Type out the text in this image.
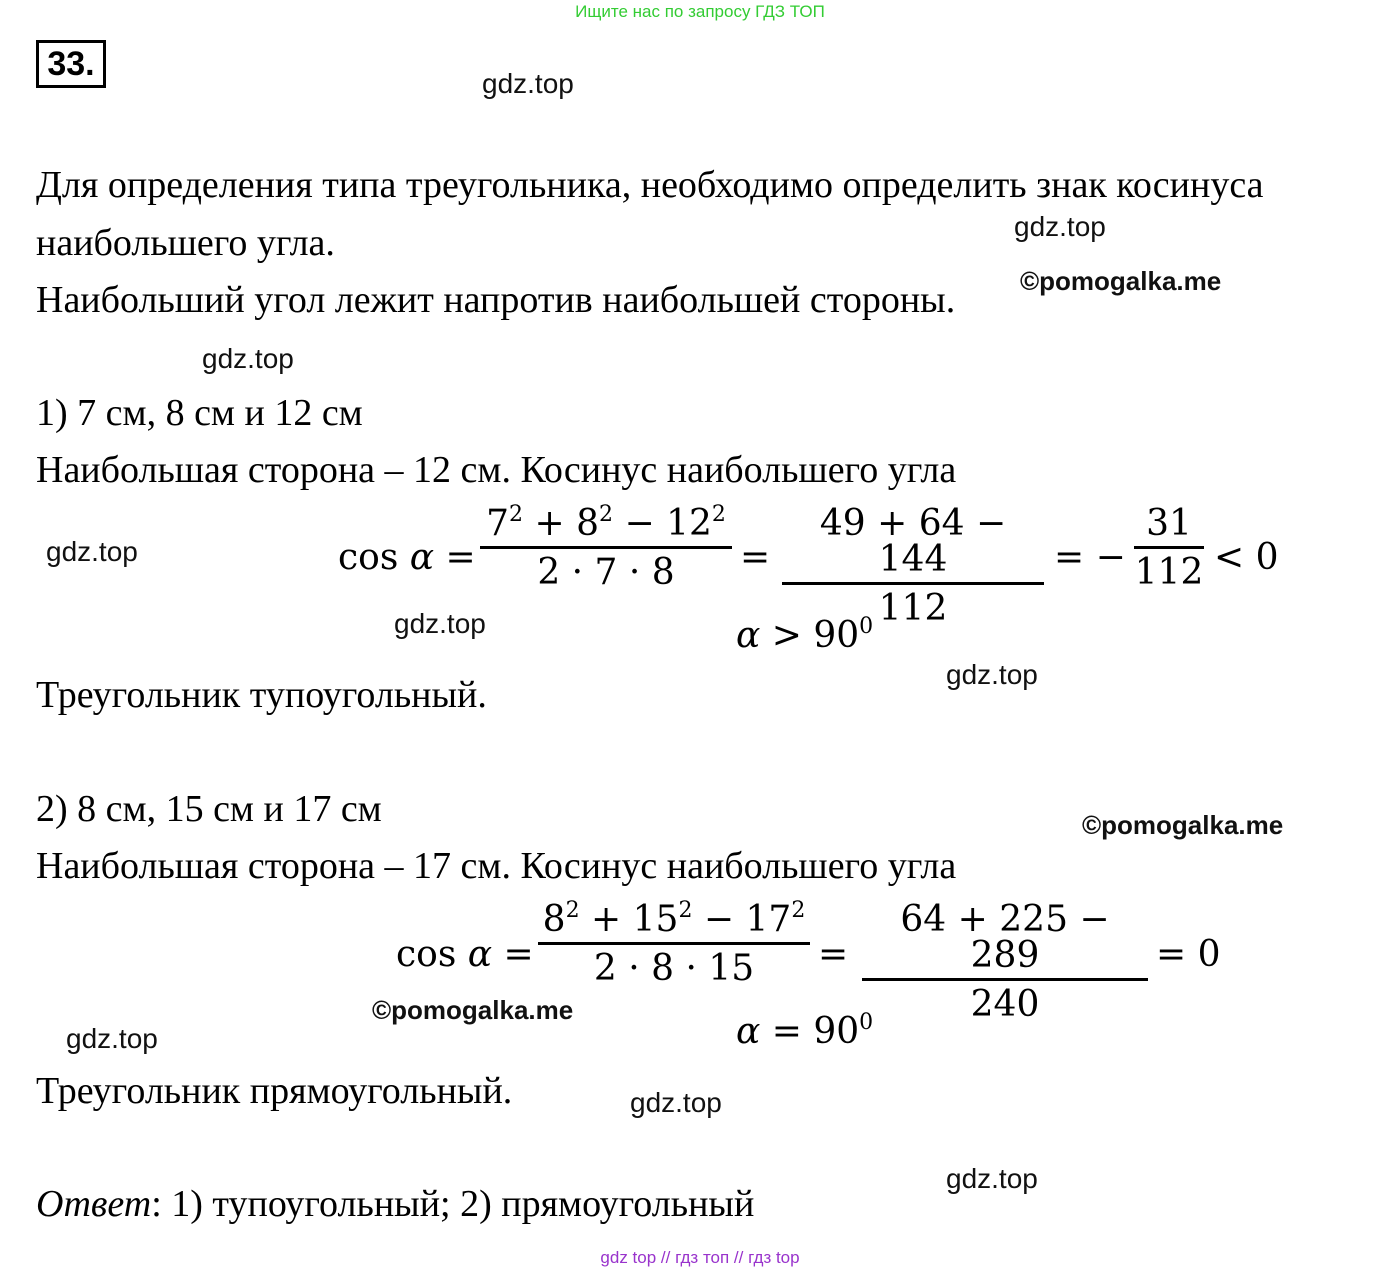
Ищите нас по запросу ГДЗ ТОП
33.
gdz.top
gdz.top
©pomogalka.me
gdz.top
gdz.top
gdz.top
gdz.top
©pomogalka.me
©pomogalka.me
gdz.top
gdz.top
gdz.top
Для определения типа треугольника, необходимо определить знак косинуса
наибольшего угла.
Наибольший угол лежит напротив наибольшей стороны.
1) 7 см, 8 см и 12 см
Наибольшая сторона – 12 см. Косинус наибольшего угла
cos α =
$7^2 + 8^2 - 12^2$
2 · 7 · 8	=
49 + 64 − 144
112
= −
31
112 < 0
$\alpha > 90^0$
Треугольник тупоугольный.
2) 8 см, 15 см и 17 см
Наибольшая сторона – 17 см. Косинус наибольшего угла
cos α =
$8^2 + 15^2 - 17^2$
2 · 8 · 15	=
64 + 225 − 289
240
= 0
$\alpha = 90^0$
Треугольник прямоугольный.
Ответ: 1) тупоугольный; 2) прямоугольный
gdz top // гдз топ // гдз top
